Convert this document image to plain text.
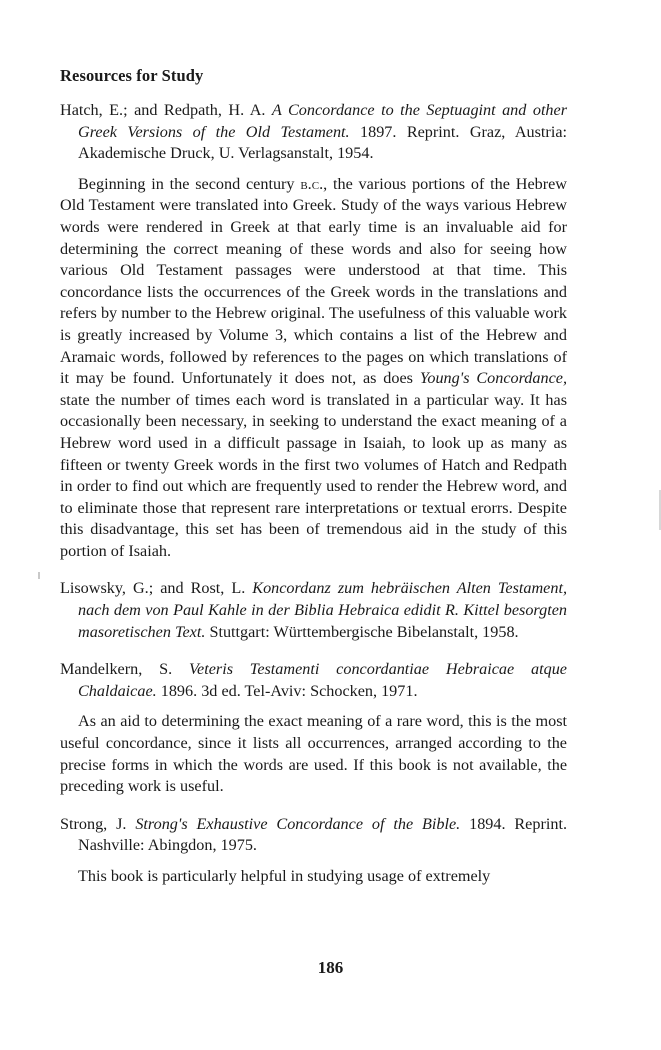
Resources for Study

Hatch, E.; and Redpath, H. A. A Concordance to the Septuagint and other Greek Versions of the Old Testament. 1897. Reprint. Graz, Austria: Akademische Druck, U. Verlagsanstalt, 1954.

Beginning in the second century b.c., the various portions of the Hebrew Old Testament were translated into Greek. Study of the ways various Hebrew words were rendered in Greek at that early time is an invaluable aid for determining the correct meaning of these words and also for seeing how various Old Testament passages were understood at that time. This concordance lists the occurrences of the Greek words in the translations and refers by number to the Hebrew original. The usefulness of this valuable work is greatly increased by Volume 3, which contains a list of the Hebrew and Aramaic words, followed by references to the pages on which translations of it may be found. Unfortunately it does not, as does Young's Concordance, state the number of times each word is translated in a particular way. It has occasionally been necessary, in seeking to understand the exact meaning of a Hebrew word used in a difficult passage in Isaiah, to look up as many as fifteen or twenty Greek words in the first two volumes of Hatch and Redpath in order to find out which are frequently used to render the Hebrew word, and to eliminate those that represent rare interpretations or textual erorrs. Despite this disadvantage, this set has been of tremendous aid in the study of this portion of Isaiah.

Lisowsky, G.; and Rost, L. Koncordanz zum hebräischen Alten Testament, nach dem von Paul Kahle in der Biblia Hebraica edidit R. Kittel besorgten masoretischen Text. Stuttgart: Württembergische Bibelanstalt, 1958.

Mandelkern, S. Veteris Testamenti concordantiae Hebraicae atque Chaldaicae. 1896. 3d ed. Tel-Aviv: Schocken, 1971.

As an aid to determining the exact meaning of a rare word, this is the most useful concordance, since it lists all occurrences, arranged according to the precise forms in which the words are used. If this book is not available, the preceding work is useful.

Strong, J. Strong's Exhaustive Concordance of the Bible. 1894. Reprint. Nashville: Abingdon, 1975.

This book is particularly helpful in studying usage of extremely

186
